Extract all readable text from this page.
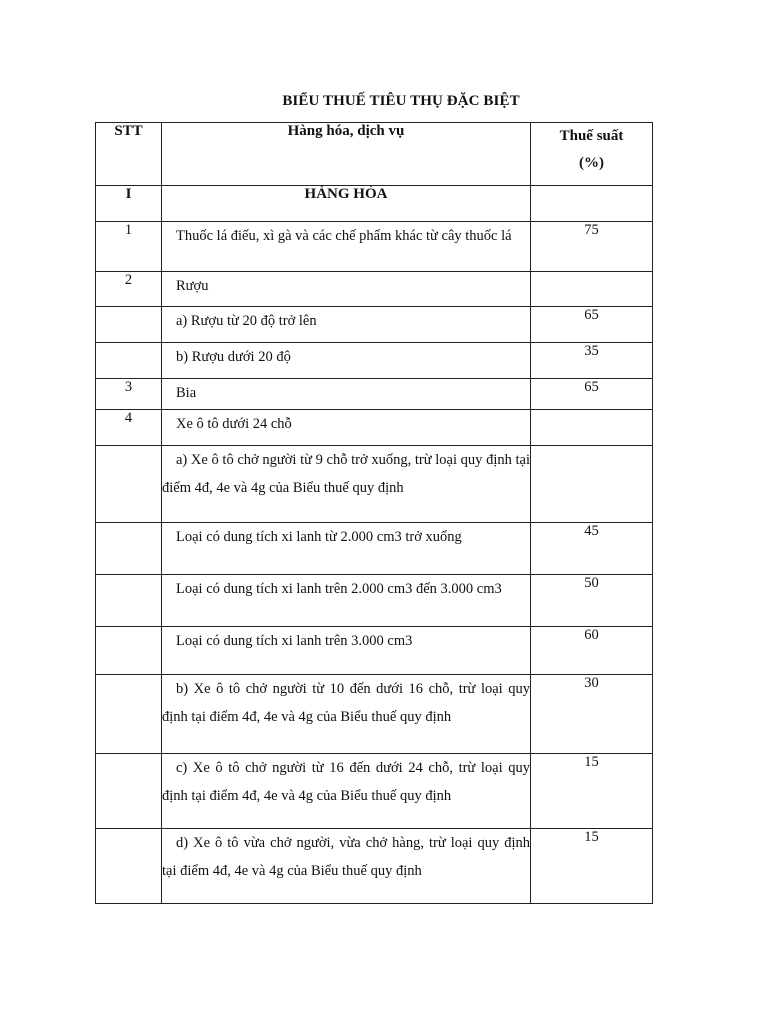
BIỂU THUẾ TIÊU THỤ ĐẶC BIỆT
STT	Hàng hóa, dịch vụ	Thuế suất
(%)

I	HÀNG HÓA	
1	Thuốc lá điếu, xì gà và các chế phẩm khác từ cây thuốc lá	75
2	Rượu	
	a) Rượu từ 20 độ trở lên	65
	b) Rượu dưới 20 độ	35
3	Bia	65
4	Xe ô tô dưới 24 chỗ	
	a) Xe ô tô chở người từ 9 chỗ trở xuống, trừ loại quy định tại điểm 4đ, 4e và 4g của Biểu thuế quy định	
	Loại có dung tích xi lanh từ 2.000 cm3 trở xuống	45
	Loại có dung tích xi lanh trên 2.000 cm3 đến 3.000 cm3	50
	Loại có dung tích xi lanh trên 3.000 cm3	60
	b) Xe ô tô chở người từ 10 đến dưới 16 chỗ, trừ loại quy định tại điểm 4đ, 4e và 4g của Biểu thuế quy định	30
	c) Xe ô tô chở người từ 16 đến dưới 24 chỗ, trừ loại quy định tại điểm 4đ, 4e và 4g của Biểu thuế quy định	15
	d) Xe ô tô vừa chở người, vừa chở hàng, trừ loại quy định tại điểm 4đ, 4e và 4g của Biểu thuế quy định	15
